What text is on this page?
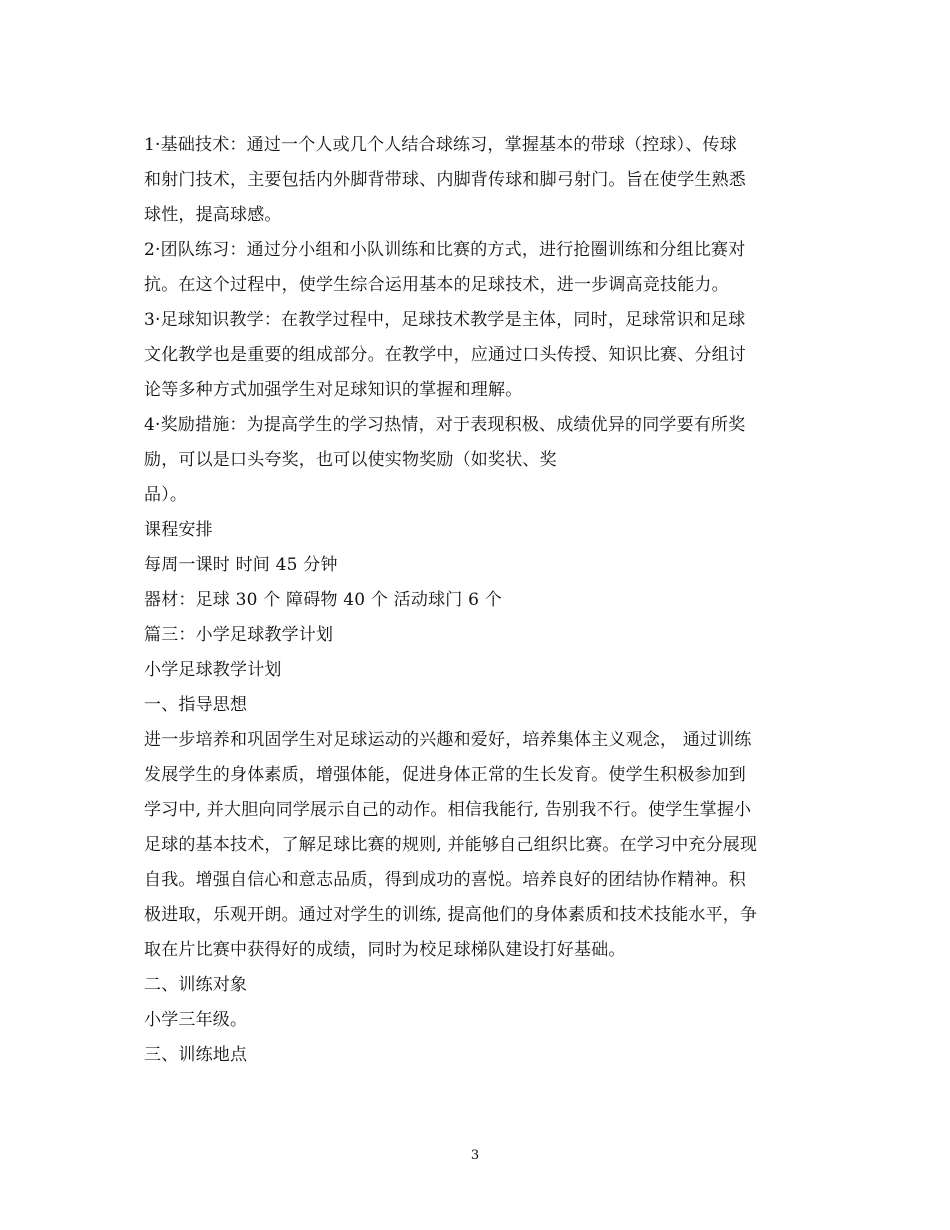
1·基础技术：通过一个人或几个人结合球练习，掌握基本的带球（控球）、传球
和射门技术，主要包括内外脚背带球、内脚背传球和脚弓射门。旨在使学生熟悉
球性，提高球感。
2·团队练习：通过分小组和小队训练和比赛的方式，进行抢圈训练和分组比赛对
抗。在这个过程中，使学生综合运用基本的足球技术，进一步调高竞技能力。
3·足球知识教学：在教学过程中，足球技术教学是主体，同时，足球常识和足球
文化教学也是重要的组成部分。在教学中，应通过口头传授、知识比赛、分组讨
论等多种方式加强学生对足球知识的掌握和理解。
4·奖励措施：为提高学生的学习热情，对于表现积极、成绩优异的同学要有所奖
励，可以是口头夸奖，也可以使实物奖励（如奖状、奖
品）。
课程安排
每周一课时 时间 45 分钟
器材：足球 30 个 障碍物 40 个 活动球门 6 个
篇三：小学足球教学计划
小学足球教学计划
一、指导思想
进一步培养和巩固学生对足球运动的兴趣和爱好，培养集体主义观念， 通过训练
发展学生的身体素质，增强体能，促进身体正常的生长发育。使学生积极参加到
学习中, 并大胆向同学展示自己的动作。相信我能行, 告别我不行。使学生掌握小
足球的基本技术，了解足球比赛的规则, 并能够自己组织比赛。在学习中充分展现
自我。增强自信心和意志品质，得到成功的喜悦。培养良好的团结协作精神。积
极进取，乐观开朗。通过对学生的训练, 提高他们的身体素质和技术技能水平，争
取在片比赛中获得好的成绩，同时为校足球梯队建设打好基础。
二、训练对象
小学三年级。
三、训练地点
3
